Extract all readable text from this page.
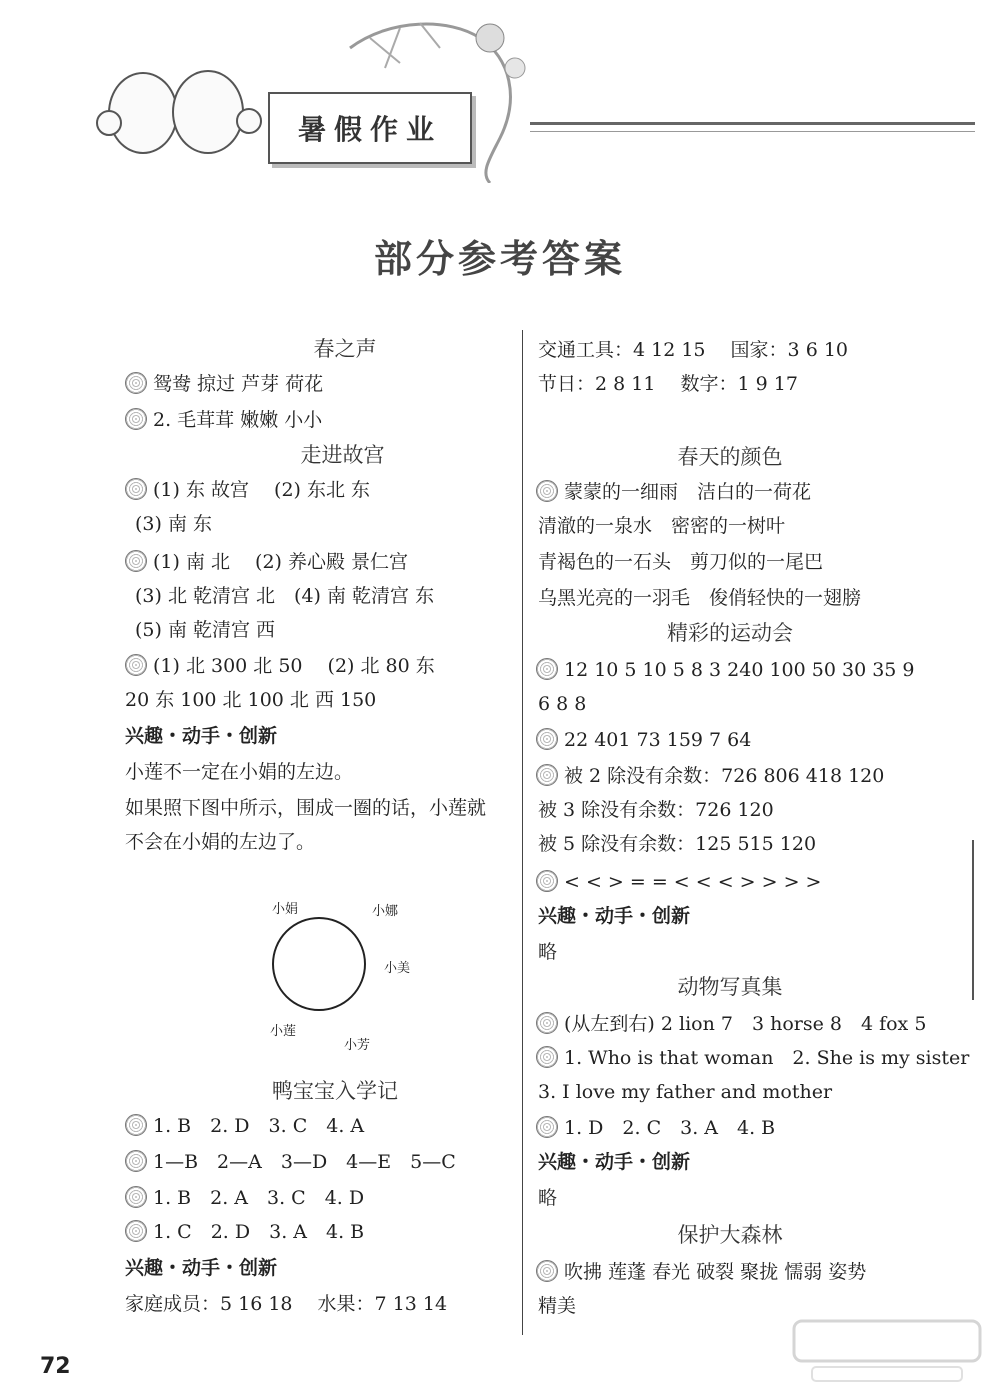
暑假作业
部分参考答案
春之声
鸳鸯 掠过 芦芽 荷花
2. 毛茸茸 嫩嫩 小小
走进故宫
(1) 东 故宫　 (2) 东北 东
(3) 南 东
(1) 南 北　 (2) 养心殿 景仁宫
(3) 北 乾清宫 北　(4) 南 乾清宫 东
(5) 南 乾清宫 西
(1) 北 300 北 50　 (2) 北 80 东
20 东 100 北 100 北 西 150
兴趣・动手・创新
小莲不一定在小娟的左边。
如果照下图中所示，围成一圈的话，小莲就
不会在小娟的左边了。
小娟	小娜
小美
小莲
小芳
鸭宝宝入学记
1. B　2. D　3. C　4. A
1—B　2—A　3—D　4—E　5—C
1. B　2. A　3. C　4. D
1. C　2. D　3. A　4. B
兴趣・动手・创新
家庭成员：5 16 18　 水果：7 13 14
交通工具：4 12 15　 国家：3 6 10
节日：2 8 11　 数字：1 9 17
春天的颜色
蒙蒙的一细雨　洁白的一荷花
清澈的一泉水　密密的一树叶
青褐色的一石头　剪刀似的一尾巴
乌黑光亮的一羽毛　俊俏轻快的一翅膀
精彩的运动会
12 10 5 10 5 8 3 240 100 50 30 35 9
6 8 8
22 401 73 159 7 64
被 2 除没有余数：726 806 418 120
被 3 除没有余数：726 120
被 5 除没有余数：125 515 120
< < > = = < < < > > > >
兴趣・动手・创新
略
动物写真集
(从左到右) 2 lion 7　3 horse 8　4 fox 5
1. Who is that woman　2. She is my sister
3. I love my father and mother
1. D　2. C　3. A　4. B
兴趣・动手・创新
略
保护大森林
吹拂 莲蓬 春光 破裂 聚拢 懦弱 姿势
精美
72
